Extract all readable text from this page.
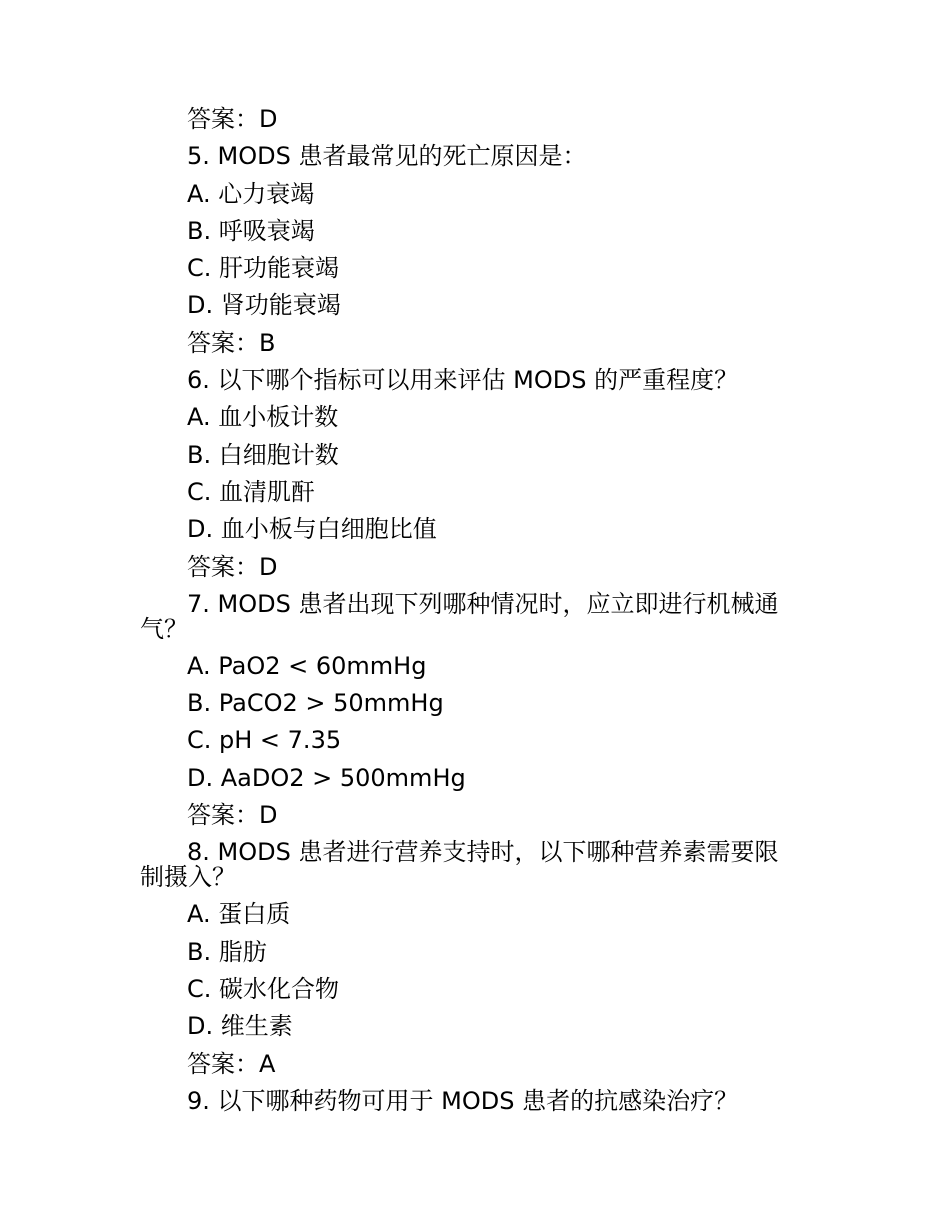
答案：D
5. MODS 患者最常见的死亡原因是：
A. 心力衰竭
B. 呼吸衰竭
C. 肝功能衰竭
D. 肾功能衰竭
答案：B
6. 以下哪个指标可以用来评估 MODS 的严重程度？
A. 血小板计数
B. 白细胞计数
C. 血清肌酐
D. 血小板与白细胞比值
答案：D
7. MODS 患者出现下列哪种情况时，应立即进行机械通气？
A. PaO2 < 60mmHg
B. PaCO2 > 50mmHg
C. pH < 7.35
D. AaDO2 > 500mmHg
答案：D
8. MODS 患者进行营养支持时，以下哪种营养素需要限制摄入？
A. 蛋白质
B. 脂肪
C. 碳水化合物
D. 维生素
答案：A
9. 以下哪种药物可用于 MODS 患者的抗感染治疗？
